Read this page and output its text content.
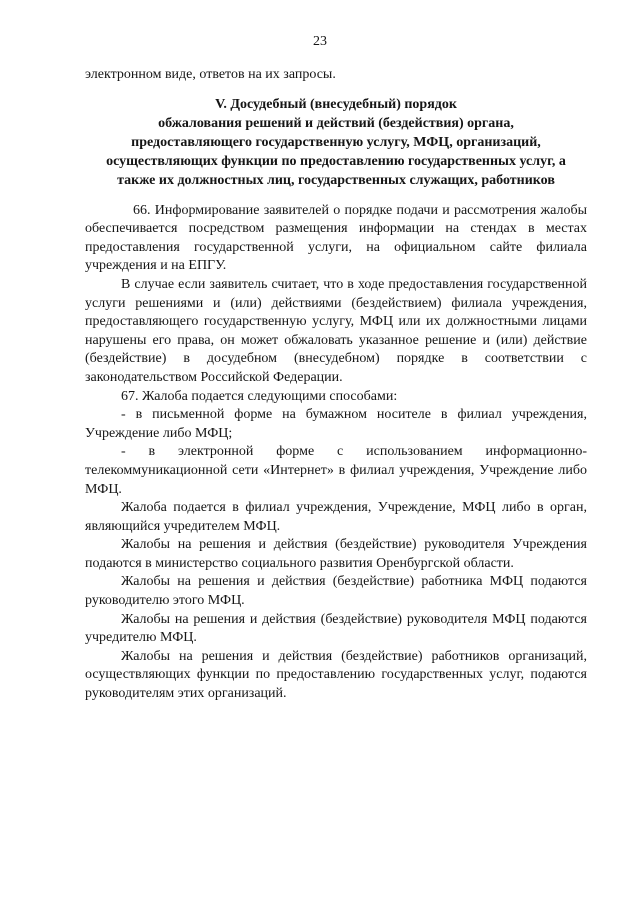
23
электронном виде, ответов на их запросы.
V. Досудебный (внесудебный) порядок
обжалования решений и действий (бездействия) органа,
предоставляющего государственную услугу, МФЦ, организаций,
осуществляющих функции по предоставлению государственных услуг, а
также их должностных лиц, государственных служащих, работников

66. Информирование заявителей о порядке подачи и рассмотрения жалобы обеспечивается посредством размещения информации на стендах в местах предоставления государственной услуги, на официальном сайте филиала учреждения и на ЕПГУ.

В случае если заявитель считает, что в ходе предоставления государственной услуги решениями и (или) действиями (бездействием) филиала учреждения, предоставляющего государственную услугу, МФЦ или их должностными лицами нарушены его права, он может обжаловать указанное решение и (или) действие (бездействие) в досудебном (внесудебном) порядке в соответствии с законодательством Российской Федерации.

67. Жалоба подается следующими способами:

- в письменной форме на бумажном носителе в филиал учреждения, Учреждение либо МФЦ;

- в электронной форме с использованием информационно-телекоммуникационной сети «Интернет» в филиал учреждения, Учреждение либо МФЦ.

Жалоба подается в филиал учреждения, Учреждение, МФЦ либо в орган, являющийся учредителем МФЦ.

Жалобы на решения и действия (бездействие) руководителя Учреждения подаются в министерство социального развития Оренбургской области.

Жалобы на решения и действия (бездействие) работника МФЦ подаются руководителю этого МФЦ.

Жалобы на решения и действия (бездействие) руководителя МФЦ подаются учредителю МФЦ.

Жалобы на решения и действия (бездействие) работников организаций, осуществляющих функции по предоставлению государственных услуг, подаются руководителям этих организаций.
